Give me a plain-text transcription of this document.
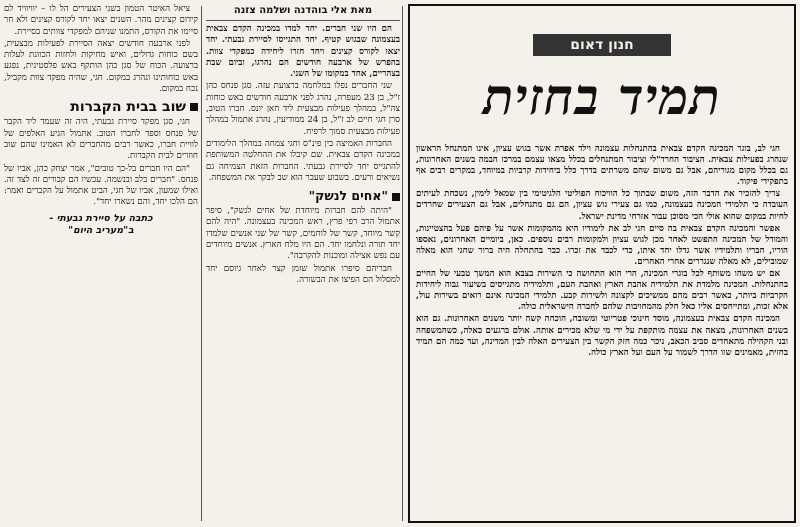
חנון דאום
תמיד בחזית

חגי לב, בוגר המכינה הקדם צבאית בהתנחלות עצמונה וילד אפרת אשר בגוש עציון, אינו המתנחל הראשון שנהרג בפעילות צבאית. הציבור החרד"לי וציבור המתנחלים בכלל מצאו עצמם במרכז הבמה בשנים האחרונות, גם בכלל מקום מגוריהם, אבל גם משום שהם משרתים בדרך כלל ביחידות קרביות במיוחד, במקרים רבים אף בתפקידי פיקוד.

צריך להזכיר את הדבר הזה, משום שבתוך כל הוויכוח הפוליטי הלגיטימי בין שמאל לימין, נשכחת לעיתים העובדה כי תלמידי המכינה בעצמונה, כמו גם צעירי גוש עציון, הם גם מתנחלים, אבל גם הצעירים שחרדים לחיות במקום שהוא אולי הכי מסוכן עבור אזרחי מדינת ישראל.

אפשר והמכינה הקדם צבאית בה סיים חגי לב את לימודיו היא מהמקומות אשר על פיהם פעל בהצטיינות, והמודל של המכינה התפשט לאחר מכן לגוש עציון ולמקומות רבים נוספים. כאן, ביומיים האחרונים, נאספו הוריו, חבריו ותלמידיו אשר גדלו יחד איתו, כדי לכבד את זכרו. כבר בהתחלה היה ברור שחגי הוא מאלה שמובילים, לא מאלה שנגררים אחרי האחרים.

אם יש משהו משותף לכל בוגרי המכינה, הרי הוא התחושה כי השירות בצבא הוא המשך טבעי של החיים בהתנחלות. המכינה מלמדת את תלמידיה אהבת הארץ ואהבת העם, ותלמידיה מתגייסים בשיעור גבוה ליחידות הקרביות ביותר, כאשר רבים מהם ממשיכים לקצונה ולשירות קבע. תלמידי המכינה אינם רואים בשירות עול, אלא זכות, ומתייחסים אליו כאל חלק מהמחויבות שלהם לחברה הישראלית כולה.

המכינה הקדם צבאית בעצמונה, מוסד חינוכי פטריוטי ומשובח, הוכחה קשה יותר משנים האחרונות. גם הוא בשנים האחרונות, מצאה את עצמה מותקפת על ידי מי שלא מכירים אותה. אולם ברגעים כאלה, כשהמשפחה ובני הקהילה מתאחדים סביב הכאב, ניכר כמה חזק הקשר בין הצעירים האלה לבין המדינה, ועד כמה הם תמיד בחזית, מאמינים שזו הדרך לשמור על העם ועל הארץ כולה.

מאת אלי בוהדנה ושלמה צזנה

הם היו שני חברים. יחד למדו במכינה הקדם צבאית בעצמונה שבגוש קטיף. יחד התגייסו לסיירת גבעתי. יחד יצאו לקורס קצינים ויחד חזרו ליחידה כמפקדי צוות. בהפרש של ארבעה חודשים הם נהרגו, וביום שבת בצהריים, אחד במקומו של השני.

שני החברים נפלו במלחמה ברצועת עזה. סגן פנחס כהן ז"ל, בן 23 מעפרה, נהרג לפני ארבעה חודשים באש כוחות צה"ל, במהלך פעילות מבצעית ליד חאן יונס. חברו הטוב, סרן חגי חיים לב ז"ל, בן 24 ממודיעין, נהרג אתמול במהלך פעילות מבצעית סמוך לרפיח.

החברות האמיצה בין פינ"ס וחגי צמחה במהלך הלימודים במכינה הקדם צבאית. שם קיבלו את ההחלטה המשותפת להתגייס יחד לסיירת גבעתי. החברות הזאת הצמיחה גם נשיאים ורעים. בשבוע שעבר הוא שב לבקר את המשפחה.

"אחים לנשק"

"היתה להם חברות מיוחדת של אחים לנשק", סיפר אתמול הרב רפי פרץ, ראש המכינה בעצמונה. "היה להם קשר מיוחד, קשר של לוחמים, קשר של שני אנשים שלמדו יחד תורה ונלחמו יחד. הם היו מלח הארץ. אנשים מיוחדים עם נפש אצילה ומוכנות להקרבה".

חבריהם סיפרו אתמול שזמן קצר לאחר גיוסם יחד למסלול הם הפיצו את הבשורה.

ציאל האיטר הטמון בשני הצעירים הל לו – יוויוויד לם קידום קצינים מהר. השנים יצאו יחד לקורס קצינים ולא חר סיימו את הקורס, התמנו שניהם למפקדי צוותים בסיירת.

לפני ארבעה חודשים יצאה הסיירת לפעילות מבצעית, בשם כוחות גדולים, ואיש מחיקות ולחזות הכוונת לעלות ברצועה. הכוח של סגן כהן הותקף באש פלסטינית, נפגע באש כוחותינו ונהרג במקום. חגי, שהיה מפקד צוות מקביל, נכח במקום.

שוב בבית הקברות

חגי, סגן מפקד סיירת גבעתי, היה זה שעמד ליד הקבר של פנחס וספד לחברו הטוב. אתמול הגיע האלפים של לוויית חברו, כאשר רבים מהחברים לא האמינו שהם שוב חוזרים לבית הקברות.

"הם היו חברים בל-כך טובים", אמר יצחק כהן, אביו של פנחס. "חברים בלב ובנשמה. עכשיו הם קבורים זה לצד זה. ואילו שמעון, אביו של חגי, הביט אתמול על הקברים ואמר: הם הלכו יחד, והם נשארו יחד".

כתבה על סיירת גבעתי -
ב"מעריב היום"
